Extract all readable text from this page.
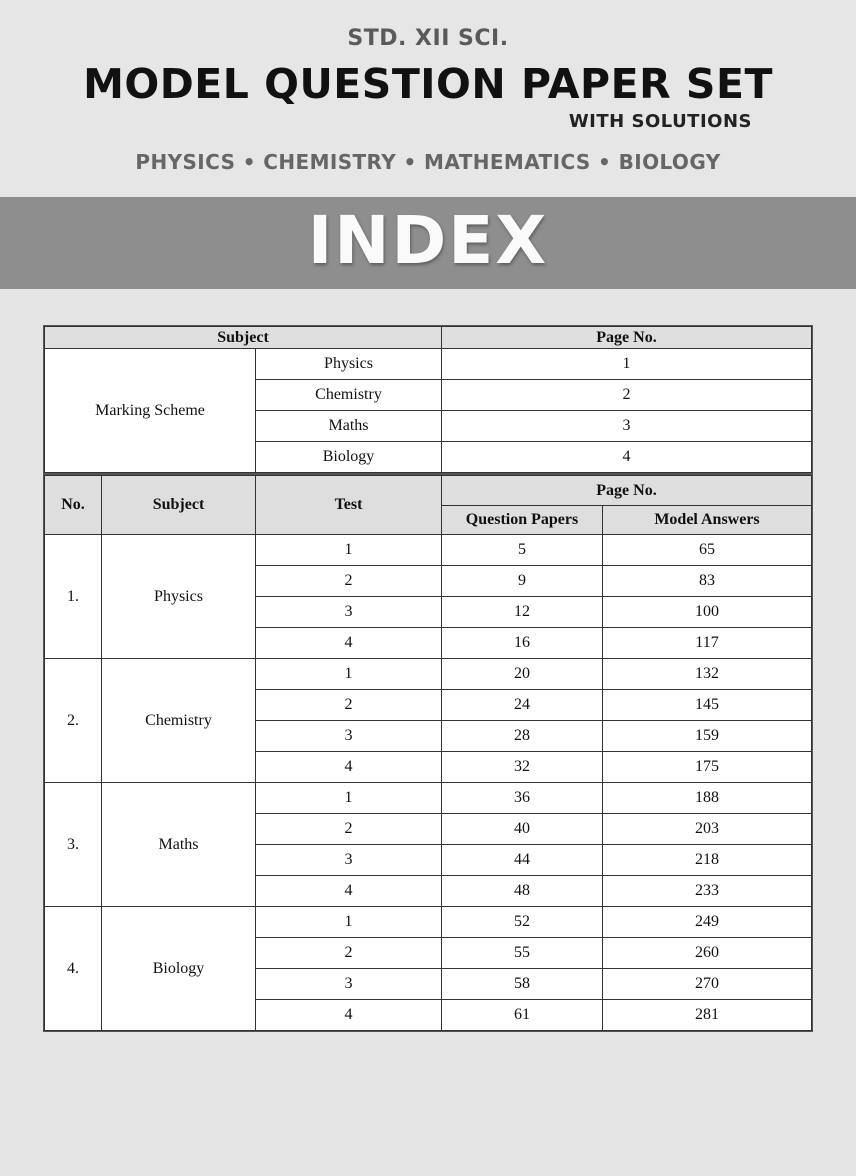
STD. XII SCI.
MODEL QUESTION PAPER SET
WITH SOLUTIONS
PHYSICS • CHEMISTRY • MATHEMATICS • BIOLOGY
INDEX
Subject		Page No.
Marking Scheme	Physics	1
	Chemistry	2
	Maths	3
	Biology	4
No.	Subject	Test	Page No.	
			Question Papers	Model Answers
1.	Physics	1	5	65
		2	9	83
		3	12	100
		4	16	117
2.	Chemistry	1	20	132
		2	24	145
		3	28	159
		4	32	175
3.	Maths	1	36	188
		2	40	203
		3	44	218
		4	48	233
4.	Biology	1	52	249
		2	55	260
		3	58	270
		4	61	281
